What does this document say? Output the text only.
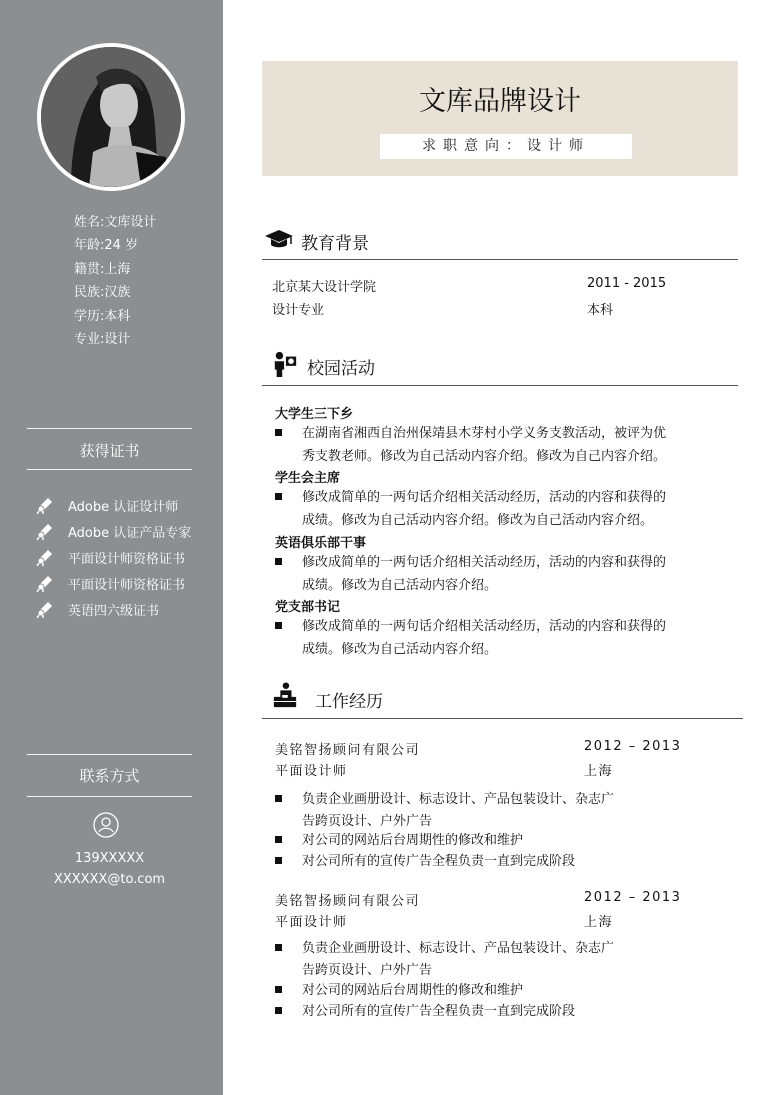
姓名:文库设计
年龄:24 岁
籍贯:上海
民族:汉族
学历:本科
专业:设计
获得证书
Adobe 认证设计师
Adobe 认证产品专家
平面设计师资格证书
平面设计师资格证书
英语四六级证书
联系方式
139XXXXX
XXXXXX@to.com
文库品牌设计
求职意向：设计师
教育背景
北京某大设计学院	2011 - 2015
设计专业	本科
校园活动
大学生三下乡
在湖南省湘西自治州保靖县木芽村小学义务支教活动，被评为优
秀支教老师。修改为自己活动内容介绍。修改为自己内容介绍。
学生会主席
修改成简单的一两句话介绍相关活动经历，活动的内容和获得的
成绩。修改为自己活动内容介绍。修改为自己活动内容介绍。
英语俱乐部干事
修改成简单的一两句话介绍相关活动经历，活动的内容和获得的
成绩。修改为自己活动内容介绍。
党支部书记
修改成简单的一两句话介绍相关活动经历，活动的内容和获得的
成绩。修改为自己活动内容介绍。
工作经历
美铭智扬顾问有限公司	2012 – 2013
平面设计师	上海
负责企业画册设计、标志设计、产品包装设计、杂志广
告跨页设计、户外广告
对公司的网站后台周期性的修改和维护
对公司所有的宣传广告全程负责一直到完成阶段
美铭智扬顾问有限公司	2012 – 2013
平面设计师	上海
负责企业画册设计、标志设计、产品包装设计、杂志广
告跨页设计、户外广告
对公司的网站后台周期性的修改和维护
对公司所有的宣传广告全程负责一直到完成阶段
